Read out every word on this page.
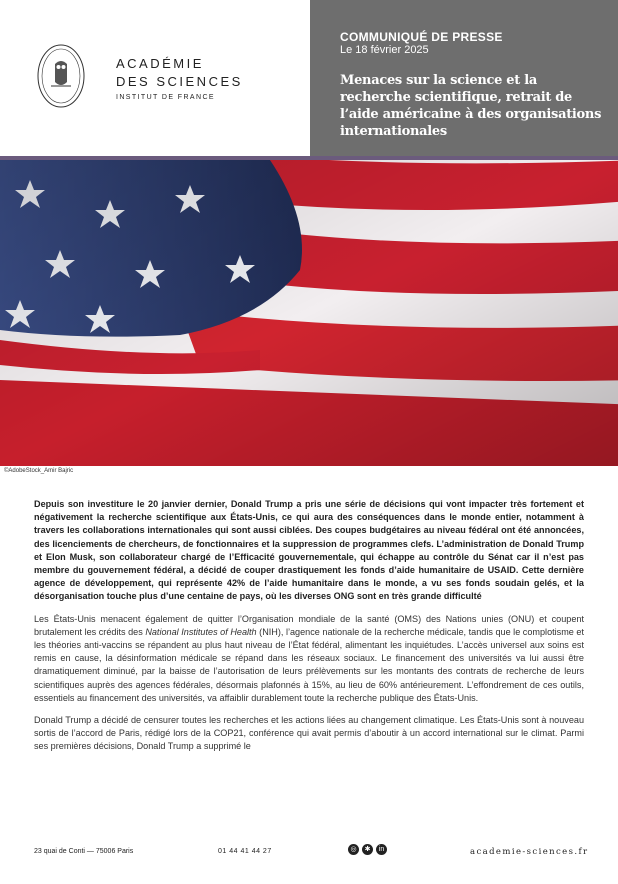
ACADÉMIE
DES SCIENCES
INSTITUT DE FRANCE
COMMUNIQUÉ DE PRESSE
Le 18 février 2025
Menaces sur la science et la recherche scientifique, retrait de l’aide américaine à des organisations internationales
©AdobeStock_Amir Bajric

Depuis son investiture le 20 janvier dernier, Donald Trump a pris une série de décisions qui vont impacter très fortement et négativement la recherche scientifique aux États-Unis, ce qui aura des conséquences dans le monde entier, notamment à travers les collaborations internationales qui sont aussi ciblées. Des coupes budgétaires au niveau fédéral ont été annoncées, des licenciements de chercheurs, de fonctionnaires et la suppression de programmes clefs. L’administration de Donald Trump et Elon Musk, son collaborateur chargé de l’Efficacité gouvernementale, qui échappe au contrôle du Sénat car il n’est pas membre du gouvernement fédéral, a décidé de couper drastiquement les fonds d’aide humanitaire de USAID. Cette dernière agence de développement, qui représente 42% de l’aide humanitaire dans le monde, a vu ses fonds soudain gelés, et la désorganisation touche plus d’une centaine de pays, où les diverses ONG sont en très grande difficulté

Les États-Unis menacent également de quitter l’Organisation mondiale de la santé (OMS) des Nations unies (ONU) et coupent brutalement les crédits des National Institutes of Health (NIH), l’agence nationale de la recherche médicale, tandis que le complotisme et les théories anti-vaccins se répandent au plus haut niveau de l’État fédéral, alimentant les inquiétudes. L’accès universel aux soins est remis en cause, la désinformation médicale se répand dans les réseaux sociaux. Le financement des universités va lui aussi être dramatiquement diminué, par la baisse de l’autorisation de leurs prélèvements sur les montants des contrats de recherche de leurs scientifiques auprès des agences fédérales, désormais plafonnés à 15%, au lieu de 60% antérieurement. L’effondrement de ces outils, essentiels au financement des universités, va affaiblir durablement toute la recherche publique des États-Unis.

Donald Trump a décidé de censurer toutes les recherches et les actions liées au changement climatique. Les États-Unis sont à nouveau sortis de l’accord de Paris, rédigé lors de la COP21, conférence qui avait permis d’aboutir à un accord international sur le climat. Parmi ses premières décisions, Donald Trump a supprimé le

23 quai de Conti — 75006 Paris	01 44 41 44 27	◎	✱	in	academie-sciences.fr
